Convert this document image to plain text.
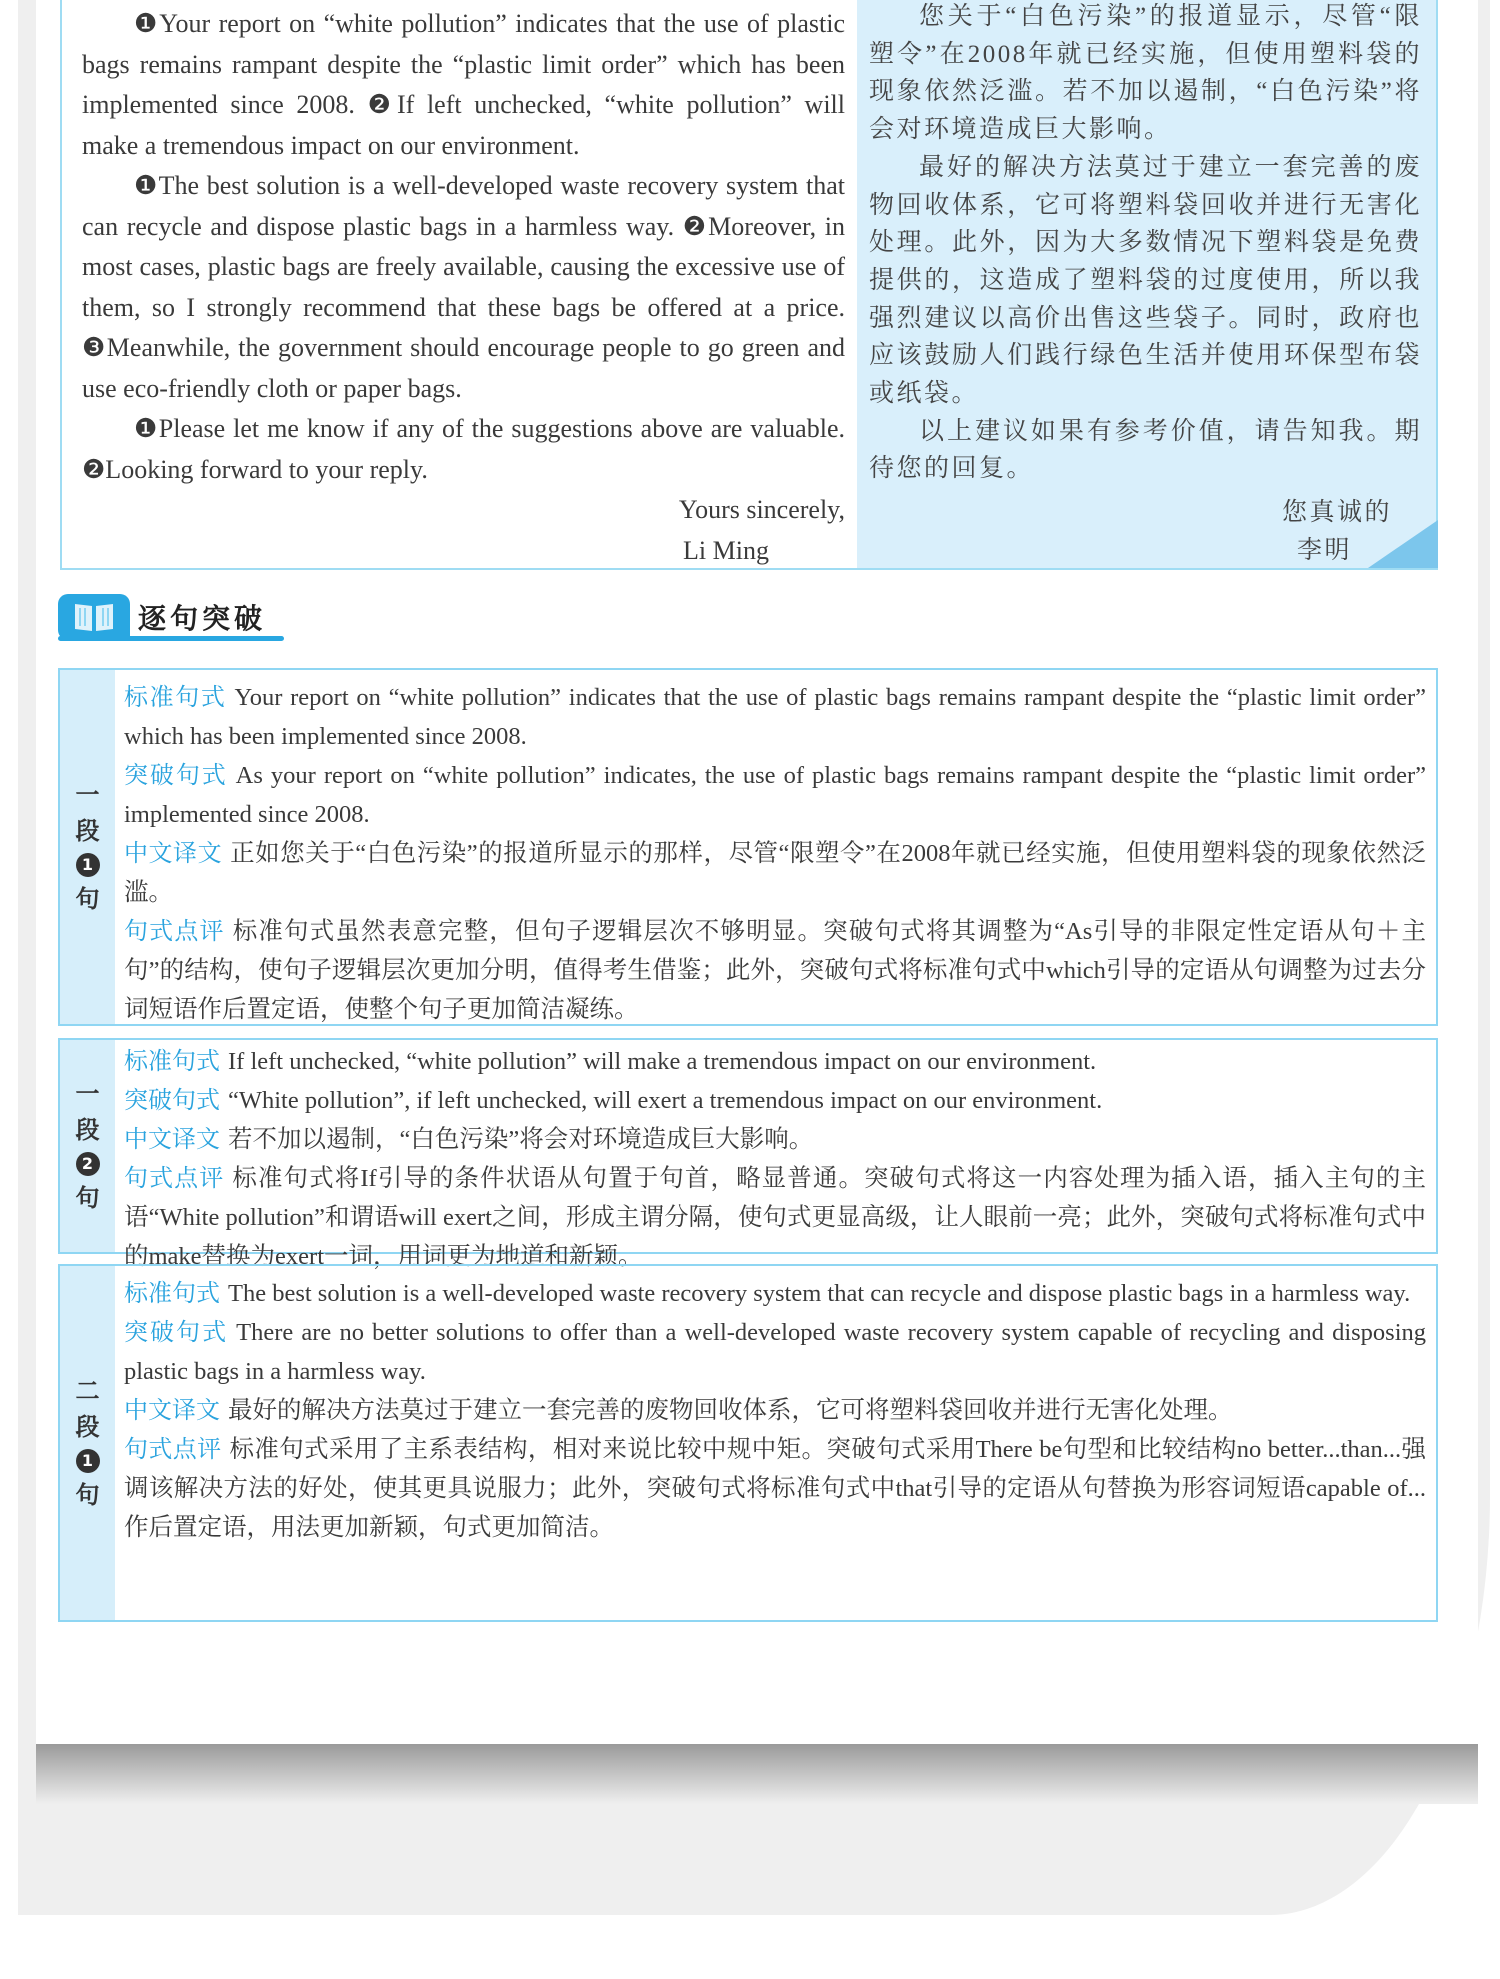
❶Your report on “white pollution” indicates that the use of plastic bags remains rampant despite the “plastic limit order” which has been implemented since 2008. ❷If left unchecked, “white pollution” will make a tremendous impact on our environment.

❶The best solution is a well-developed waste recovery system that can recycle and dispose plastic bags in a harmless way. ❷Moreover, in most cases, plastic bags are freely available, causing the excessive use of them, so I strongly recommend that these bags be offered at a price. ❸Meanwhile, the government should encourage people to go green and use eco-friendly cloth or paper bags.

❶Please let me know if any of the suggestions above are valuable. ❷Looking forward to your reply.

Yours sincerely,

Li Ming

您关于“白色污染”的报道显示，尽管“限塑令”在2008年就已经实施，但使用塑料袋的现象依然泛滥。若不加以遏制，“白色污染”将会对环境造成巨大影响。

最好的解决方法莫过于建立一套完善的废物回收体系，它可将塑料袋回收并进行无害化处理。此外，因为大多数情况下塑料袋是免费提供的，这造成了塑料袋的过度使用，所以我强烈建议以高价出售这些袋子。同时，政府也应该鼓励人们践行绿色生活并使用环保型布袋或纸袋。

以上建议如果有参考价值，请告知我。期待您的回复。

您真诚的

李明

逐句突破
一
段
1
句

标准句式 Your report on “white pollution” indicates that the use of plastic bags remains rampant despite the “plastic limit order” which has been implemented since 2008.

突破句式 As your report on “white pollution” indicates, the use of plastic bags remains rampant despite the “plastic limit order” implemented since 2008.

中文译文 正如您关于“白色污染”的报道所显示的那样，尽管“限塑令”在2008年就已经实施，但使用塑料袋的现象依然泛滥。

句式点评 标准句式虽然表意完整，但句子逻辑层次不够明显。突破句式将其调整为“As引导的非限定性定语从句＋主句”的结构，使句子逻辑层次更加分明，值得考生借鉴；此外，突破句式将标准句式中which引导的定语从句调整为过去分词短语作后置定语，使整个句子更加简洁凝练。

一
段
2
句

标准句式 If left unchecked, “white pollution” will make a tremendous impact on our environment.

突破句式 “White pollution”, if left unchecked, will exert a tremendous impact on our environment.

中文译文 若不加以遏制，“白色污染”将会对环境造成巨大影响。

句式点评 标准句式将If引导的条件状语从句置于句首，略显普通。突破句式将这一内容处理为插入语，插入主句的主语“White pollution”和谓语will exert之间，形成主谓分隔，使句式更显高级，让人眼前一亮；此外，突破句式将标准句式中的make替换为exert一词，用词更为地道和新颖。

二
段
1
句

标准句式 The best solution is a well-developed waste recovery system that can recycle and dispose plastic bags in a harmless way.

突破句式 There are no better solutions to offer than a well-developed waste recovery system capable of recycling and disposing plastic bags in a harmless way.

中文译文 最好的解决方法莫过于建立一套完善的废物回收体系，它可将塑料袋回收并进行无害化处理。

句式点评 标准句式采用了主系表结构，相对来说比较中规中矩。突破句式采用There be句型和比较结构no better...than...强调该解决方法的好处，使其更具说服力；此外，突破句式将标准句式中that引导的定语从句替换为形容词短语capable of...作后置定语，用法更加新颖，句式更加简洁。
